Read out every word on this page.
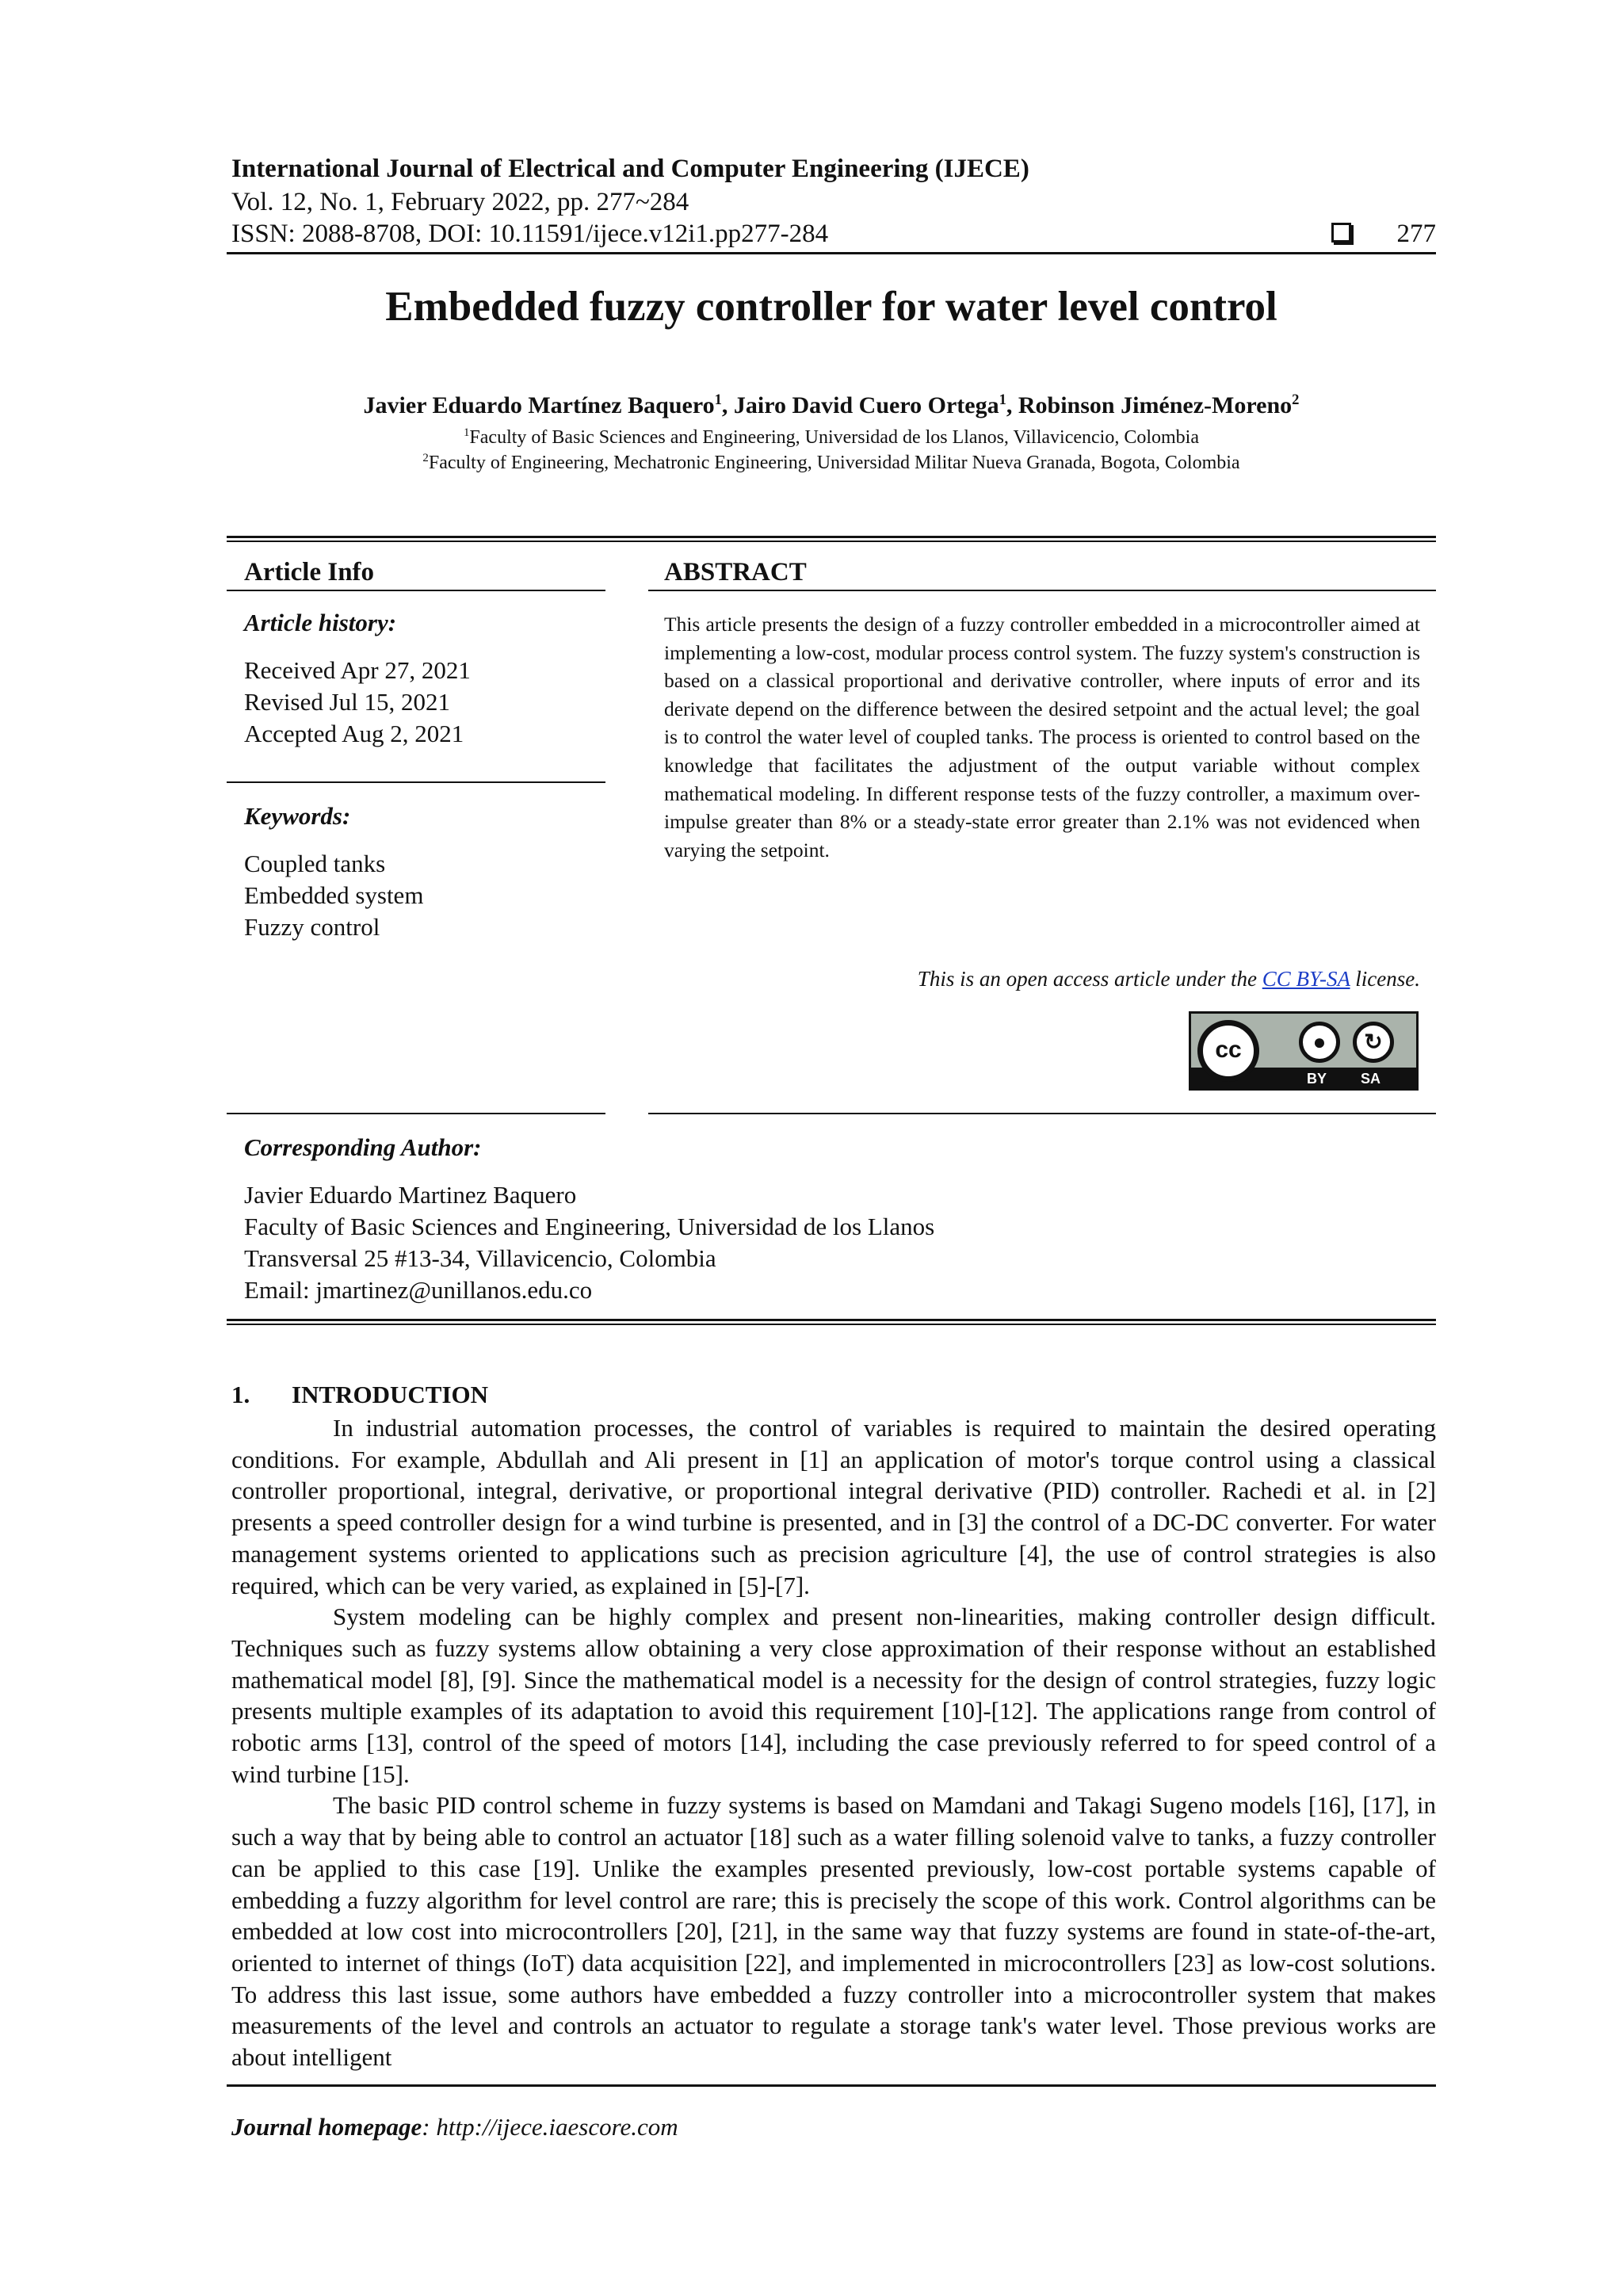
International Journal of Electrical and Computer Engineering (IJECE)
Vol. 12, No. 1, February 2022, pp. 277~284
ISSN: 2088-8708, DOI: 10.11591/ijece.v12i1.pp277-284	277
Embedded fuzzy controller for water level control
Javier Eduardo Martínez Baquero$^1$, Jairo David Cuero Ortega$^1$, Robinson Jiménez-Moreno$^2$
$^1$Faculty of Basic Sciences and Engineering, Universidad de los Llanos, Villavicencio, Colombia
$^2$Faculty of Engineering, Mechatronic Engineering, Universidad Militar Nueva Granada, Bogota, Colombia
Article Info
Article history:
Received Apr 27, 2021
Revised Jul 15, 2021
Accepted Aug 2, 2021
Keywords:
Coupled tanks
Embedded system
Fuzzy control
ABSTRACT
This article presents the design of a fuzzy controller embedded in a microcontroller aimed at implementing a low-cost, modular process control system. The fuzzy system's construction is based on a classical proportional and derivative controller, where inputs of error and its derivate depend on the difference between the desired setpoint and the actual level; the goal is to control the water level of coupled tanks. The process is oriented to control based on the knowledge that facilitates the adjustment of the output variable without complex mathematical modeling. In different response tests of the fuzzy controller, a maximum over-impulse greater than 8% or a steady-state error greater than 2.1% was not evidenced when varying the setpoint.
This is an open access article under the CC BY-SA license.
cc	●	↻
BY SA
Corresponding Author:
Javier Eduardo Martinez Baquero
Faculty of Basic Sciences and Engineering, Universidad de los Llanos
Transversal 25 #13-34, Villavicencio, Colombia
Email: jmartinez@unillanos.edu.co
1. INTRODUCTION

In industrial automation processes, the control of variables is required to maintain the desired operating conditions. For example, Abdullah and Ali present in [1] an application of motor's torque control using a classical controller proportional, integral, derivative, or proportional integral derivative (PID) controller. Rachedi et al. in [2] presents a speed controller design for a wind turbine is presented, and in [3] the control of a DC-DC converter. For water management systems oriented to applications such as precision agriculture [4], the use of control strategies is also required, which can be very varied, as explained in [5]-[7].

System modeling can be highly complex and present non-linearities, making controller design difficult. Techniques such as fuzzy systems allow obtaining a very close approximation of their response without an established mathematical model [8], [9]. Since the mathematical model is a necessity for the design of control strategies, fuzzy logic presents multiple examples of its adaptation to avoid this requirement [10]-[12]. The applications range from control of robotic arms [13], control of the speed of motors [14], including the case previously referred to for speed control of a wind turbine [15].

The basic PID control scheme in fuzzy systems is based on Mamdani and Takagi Sugeno models [16], [17], in such a way that by being able to control an actuator [18] such as a water filling solenoid valve to tanks, a fuzzy controller can be applied to this case [19]. Unlike the examples presented previously, low-cost portable systems capable of embedding a fuzzy algorithm for level control are rare; this is precisely the scope of this work. Control algorithms can be embedded at low cost into microcontrollers [20], [21], in the same way that fuzzy systems are found in state-of-the-art, oriented to internet of things (IoT) data acquisition [22], and implemented in microcontrollers [23] as low-cost solutions. To address this last issue, some authors have embedded a fuzzy controller into a microcontroller system that makes measurements of the level and controls an actuator to regulate a storage tank's water level. Those previous works are about intelligent

Journal homepage: http://ijece.iaescore.com
